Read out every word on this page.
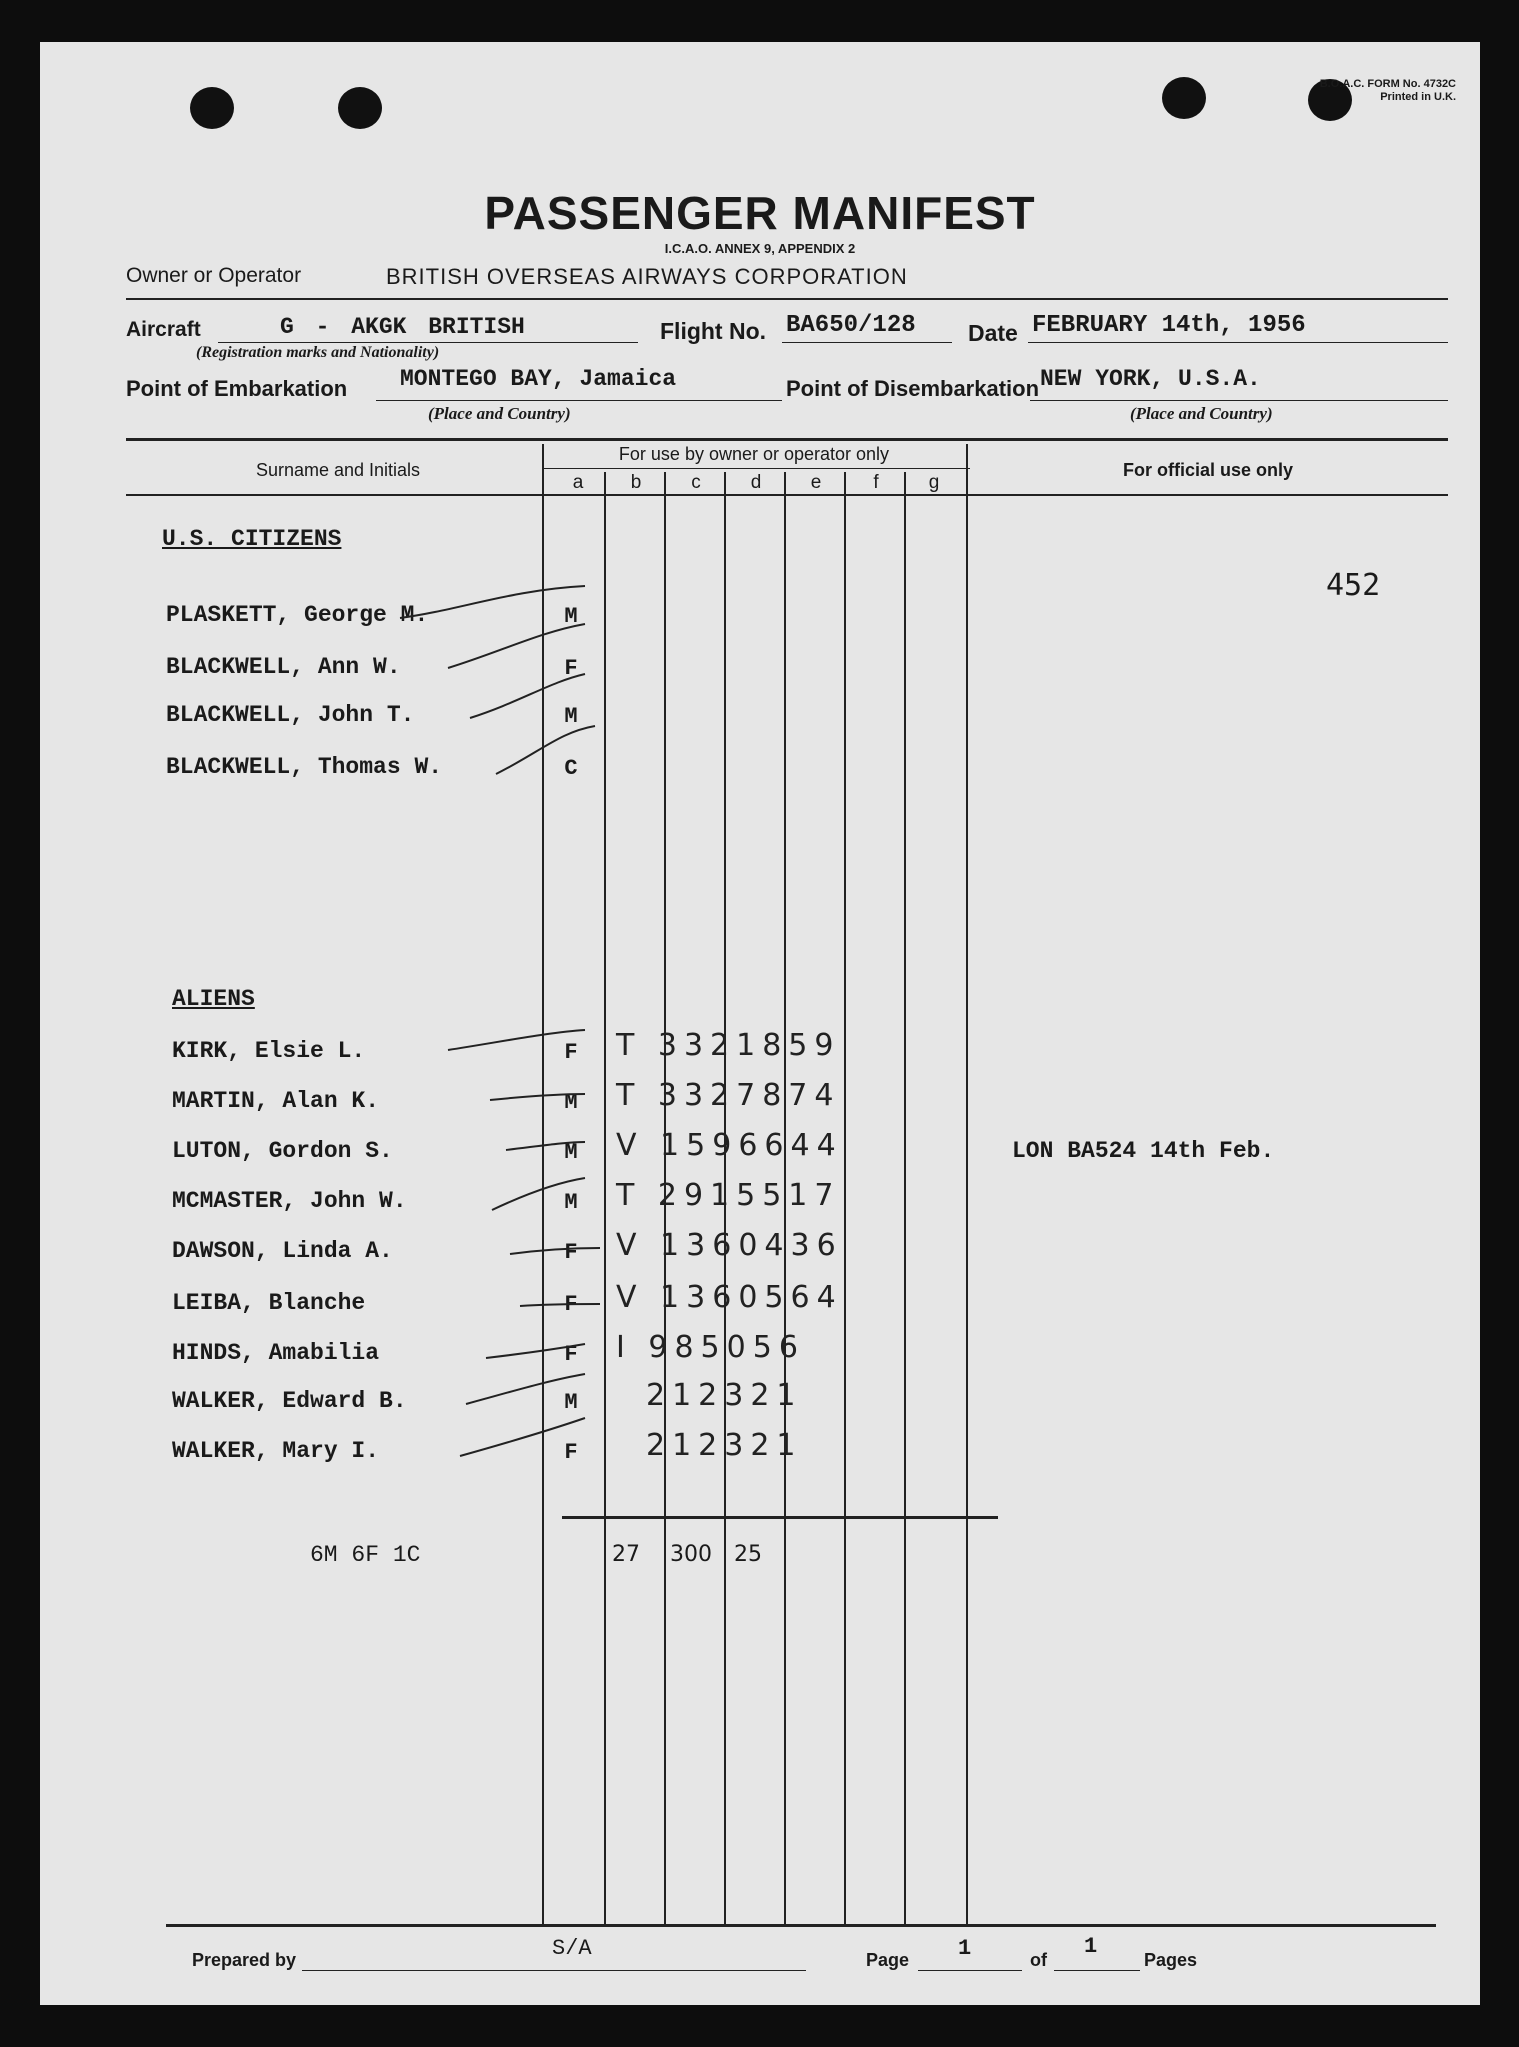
B.O.A.C. FORM No. 4732C
Printed in U.K.
PASSENGER MANIFEST
I.C.A.O. ANNEX 9, APPENDIX 2
Owner or Operator	BRITISH OVERSEAS AIRWAYS CORPORATION
Aircraft	G - AKGK BRITISH
(Registration marks and Nationality)
Flight No. BA650/128 Date FEBRUARY 14th, 1956
Point of Embarkation MONTEGO BAY, Jamaica
(Place and Country)
Point of Disembarkation NEW YORK, U.S.A.
(Place and Country)
Surname and Initials
For use by owner or operator only
For official use only
a	b	c	d	e	f	g
U.S. CITIZENS
452
PLASKETT, George M.	M
BLACKWELL, Ann W.	F
BLACKWELL, John T.	M
BLACKWELL, Thomas W.	C
ALIENS
KIRK, Elsie L.	F T 3321859
MARTIN, Alan K.	M T 3327874
LUTON, Gordon S.	M V 1596644	LON BA524 14th Feb.
MCMASTER, John W.	M T 2915517
DAWSON, Linda A.	F V 1360436
LEIBA, Blanche	F V 1360564
HINDS, Amabilia	F I 985056
WALKER, Edward B.	M 212321
WALKER, Mary I.	F 212321
6M 6F 1C	27 300 25
Prepared by	S/A	Page 1	of
1
Pages
